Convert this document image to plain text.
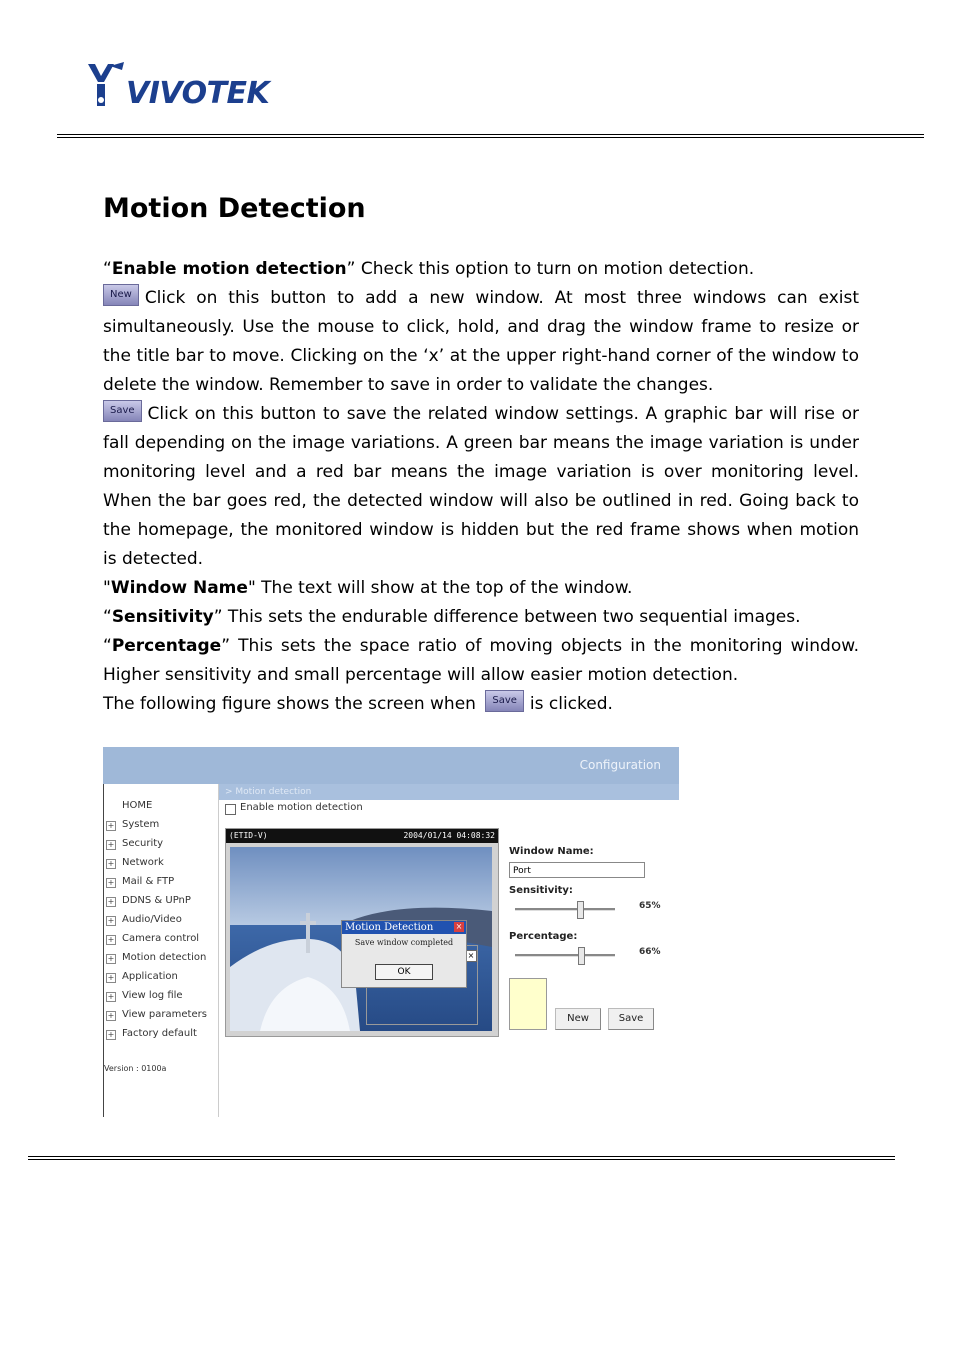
VIVOTEK
Motion Detection

“Enable motion detection” Check this option to turn on motion detection.

New Click on this button to add a new window. At most three windows can exist simultaneously. Use the mouse to click, hold, and drag the window frame to resize or the title bar to move. Clicking on the ‘x’ at the upper right-hand corner of the window to delete the window. Remember to save in order to validate the changes.

Save Click on this button to save the related window settings. A graphic bar will rise or fall depending on the image variations. A green bar means the image variation is under monitoring level and a red bar means the image variation is over monitoring level. When the bar goes red, the detected window will also be outlined in red. Going back to the homepage, the monitored window is hidden but the red frame shows when motion is detected.

"Window Name" The text will show at the top of the window.

“Sensitivity” This sets the endurable difference between two sequential images.

“Percentage” This sets the space ratio of moving objects in the monitoring window. Higher sensitivity and small percentage will allow easier motion detection.

The following figure shows the screen when Save is clicked.

Configuration
> Motion detection
HOME
+ System
+ Security
+ Network
+ Mail & FTP
+ DDNS & UPnP
+ Audio/Video
+ Camera control
+ Motion detection
+ Application
+ View log file
+ View parameters
+ Factory default
Version : 0100a
Enable motion detection
(ETID-V)	2004/01/14 04:08:32
×
Motion Detection	×
Save window completed
OK
Window Name:
Port
Sensitivity:
65%
Percentage:
66%
New	Save
